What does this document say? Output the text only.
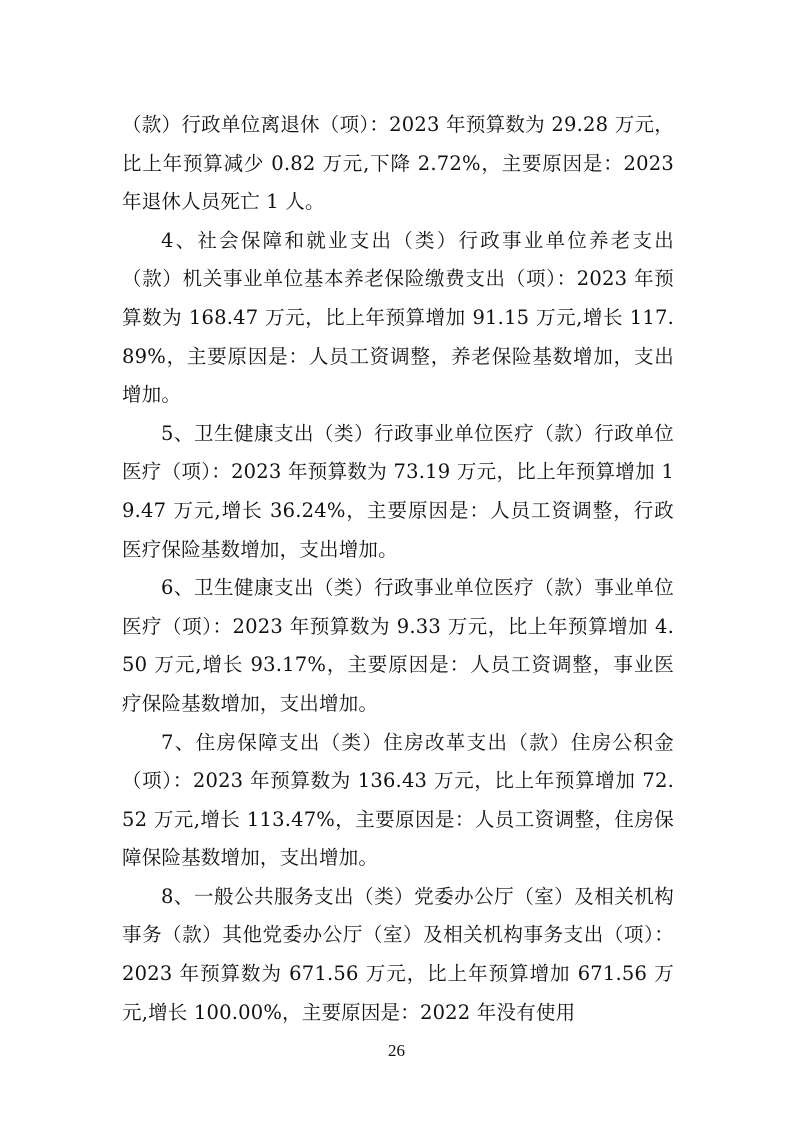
（款）行政单位离退休（项）：2023 年预算数为 29.28 万元，比上年预算减少 0.82 万元,下降 2.72%，主要原因是：2023 年退休人员死亡 1 人。

4、社会保障和就业支出（类）行政事业单位养老支出（款）机关事业单位基本养老保险缴费支出（项）：2023 年预算数为 168.47 万元，比上年预算增加 91.15 万元,增长 117.89%，主要原因是：人员工资调整，养老保险基数增加，支出增加。

5、卫生健康支出（类）行政事业单位医疗（款）行政单位医疗（项）：2023 年预算数为 73.19 万元，比上年预算增加 19.47 万元,增长 36.24%，主要原因是：人员工资调整，行政医疗保险基数增加，支出增加。

6、卫生健康支出（类）行政事业单位医疗（款）事业单位医疗（项）：2023 年预算数为 9.33 万元，比上年预算增加 4.50 万元,增长 93.17%，主要原因是：人员工资调整，事业医疗保险基数增加，支出增加。

7、住房保障支出（类）住房改革支出（款）住房公积金（项）：2023 年预算数为 136.43 万元，比上年预算增加 72.52 万元,增长 113.47%，主要原因是：人员工资调整，住房保障保险基数增加，支出增加。

8、一般公共服务支出（类）党委办公厅（室）及相关机构事务（款）其他党委办公厅（室）及相关机构事务支出（项）：2023 年预算数为 671.56 万元，比上年预算增加 671.56 万元,增长 100.00%，主要原因是：2022 年没有使用

26
